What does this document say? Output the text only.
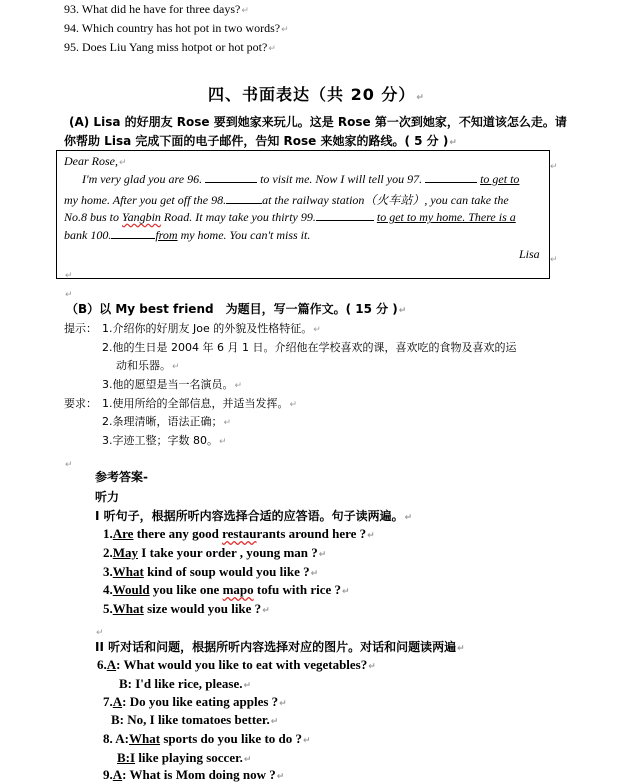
93. What did he have for three days?↵
94. Which country has hot pot in two words?↵
95. Does Liu Yang miss hotpot or hot pot?↵
四、书面表达（共 20 分）↵
(A) Lisa 的好朋友 Rose 要到她家来玩儿。这是 Rose 第一次到她家，不知道该怎么走。请
你帮助 Lisa 完成下面的电子邮件，告知 Rose 来她家的路线。( 5 分 )↵
Dear Rose,↵
I'm very glad you are 96.	to visit me. Now I will tell you 97.	to get to
my home. After you get off the 98.	at the railway station（火车站）, you can take the
No.8 bus to Yangbin Road. It may take you thirty 99.	to get to my home. There is a
bank 100.	from my home. You can't miss it.
Lisa
↵
↵
↵
↵
（B）以 My best friend　为题目，写一篇作文。( 15 分 )↵
提示： 1.介绍你的好朋友 Joe 的外貌及性格特征。↵
2.他的生日是 2004 年 6 月 1 日。介绍他在学校喜欢的课，喜欢吃的食物及喜欢的运
动和乐器。↵
3.他的愿望是当一名演员。↵
要求： 1.使用所给的全部信息，并适当发挥。↵
2.条理清晰，语法正确；↵
3.字迹工整；字数 80。↵
↵
参考答案-
听力
I 听句子，根据所听内容选择合适的应答语。句子读两遍。↵
1.Are there any good restaurants around here ?↵
2.May I take your order , young man ?↵
3.What kind of soup would you like ?↵
4.Would you like one mapo tofu with rice ?↵
5.What size would you like ?↵
↵
II 听对话和问题，根据所听内容选择对应的图片。对话和问题读两遍↵
6.A: What would you like to eat with vegetables?↵
B: I'd like rice, please.↵
7.A: Do you like eating apples ?↵
B: No, I like tomatoes better.↵
8. A:What sports do you like to do ?↵
B:I like playing soccer.↵
9.A: What is Mom doing now ?↵
